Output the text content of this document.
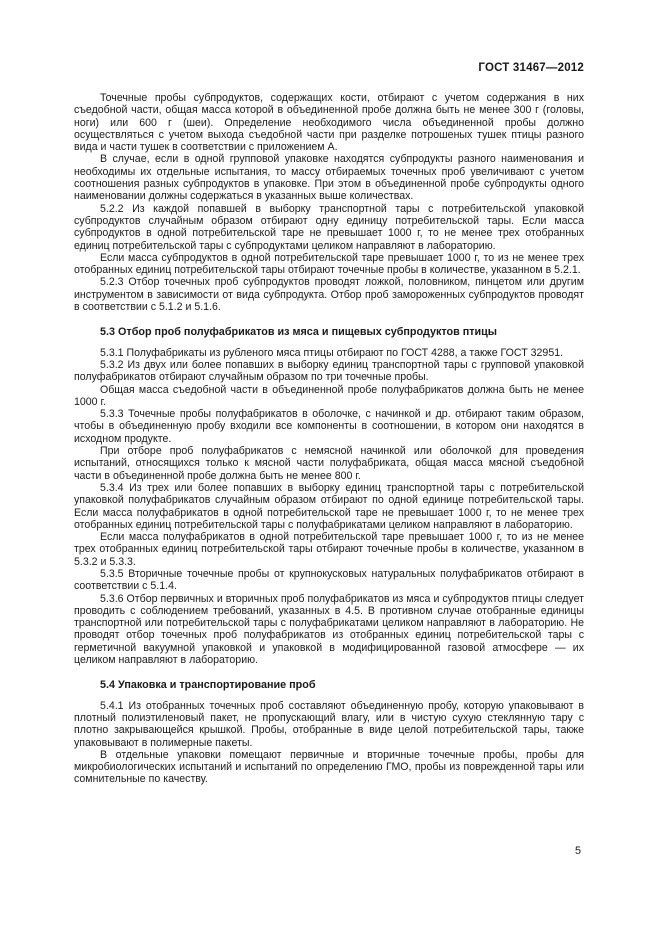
ГОСТ 31467—2012

Точечные пробы субпродуктов, содержащих кости, отбирают с учетом содержания в них съедобной части, общая масса которой в объединенной пробе должна быть не менее 300 г (головы, ноги) или 600 г (шеи). Определение необходимого числа объединенной пробы должно осуществляться с учетом выхода съедобной части при разделке потрошеных тушек птицы разного вида и части тушек в соответствии с приложением А.

В случае, если в одной групповой упаковке находятся субпродукты разного наименования и необходимы их отдельные испытания, то массу отбираемых точечных проб увеличивают с учетом соотношения разных субпродуктов в упаковке. При этом в объединенной пробе субпродукты одного наименовании должны содержаться в указанных выше количествах.

5.2.2 Из каждой попавшей в выборку транспортной тары с потребительской упаковкой субпродуктов случайным образом отбирают одну единицу потребительской тары. Если масса субпродуктов в одной потребительской таре не превышает 1000 г, то не менее трех отобранных единиц потребительской тары с субпродуктами целиком направляют в лабораторию.

Если масса субпродуктов в одной потребительской таре превышает 1000 г, то из не менее трех отобранных единиц потребительской тары отбирают точечные пробы в количестве, указанном в 5.2.1.

5.2.3 Отбор точечных проб субпродуктов проводят ложкой, половником, пинцетом или другим инструментом в зависимости от вида субпродукта. Отбор проб замороженных субпродуктов проводят в соответствии с 5.1.2 и 5.1.6.

5.3 Отбор проб полуфабрикатов из мяса и пищевых субпродуктов птицы

5.3.1 Полуфабрикаты из рубленого мяса птицы отбирают по ГОСТ 4288, а также ГОСТ 32951.

5.3.2 Из двух или более попавших в выборку единиц транспортной тары с групповой упаковкой полуфабрикатов отбирают случайным образом по три точечные пробы.

Общая масса съедобной части в объединенной пробе полуфабрикатов должна быть не менее 1000 г.

5.3.3 Точечные пробы полуфабрикатов в оболочке, с начинкой и др. отбирают таким образом, чтобы в объединенную пробу входили все компоненты в соотношении, в котором они находятся в исходном продукте.

При отборе проб полуфабрикатов с немясной начинкой или оболочкой для проведения испытаний, относящихся только к мясной части полуфабриката, общая масса мясной съедобной части в объединенной пробе должна быть не менее 800 г.

5.3.4 Из трех или более попавших в выборку единиц транспортной тары с потребительской упаковкой полуфабрикатов случайным образом отбирают по одной единице потребительской тары. Если масса полуфабрикатов в одной потребительской таре не превышает 1000 г, то не менее трех отобранных единиц потребительской тары с полуфабрикатами целиком направляют в лабораторию.

Если масса полуфабрикатов в одной потребительской таре превышает 1000 г, то из не менее трех отобранных единиц потребительской тары отбирают точечные пробы в количестве, указанном в 5.3.2 и 5.3.3.

5.3.5 Вторичные точечные пробы от крупнокусковых натуральных полуфабрикатов отбирают в соответствии с 5.1.4.

5.3.6 Отбор первичных и вторичных проб полуфабрикатов из мяса и субпродуктов птицы следует проводить с соблюдением требований, указанных в 4.5. В противном случае отобранные единицы транспортной или потребительской тары с полуфабрикатами целиком направляют в лабораторию. Не проводят отбор точечных проб полуфабрикатов из отобранных единиц потребительской тары с герметичной вакуумной упаковкой и упаковкой в модифицированной газовой атмосфере — их целиком направляют в лабораторию.

5.4 Упаковка и транспортирование проб

5.4.1 Из отобранных точечных проб составляют объединенную пробу, которую упаковывают в плотный полиэтиленовый пакет, не пропускающий влагу, или в чистую сухую стеклянную тару с плотно закрывающейся крышкой. Пробы, отобранные в виде целой потребительской тары, также упаковывают в полимерные пакеты.

В отдельные упаковки помещают первичные и вторичные точечные пробы, пробы для микробиологических испытаний и испытаний по определению ГМО, пробы из поврежденной тары или сомнительные по качеству.

5
